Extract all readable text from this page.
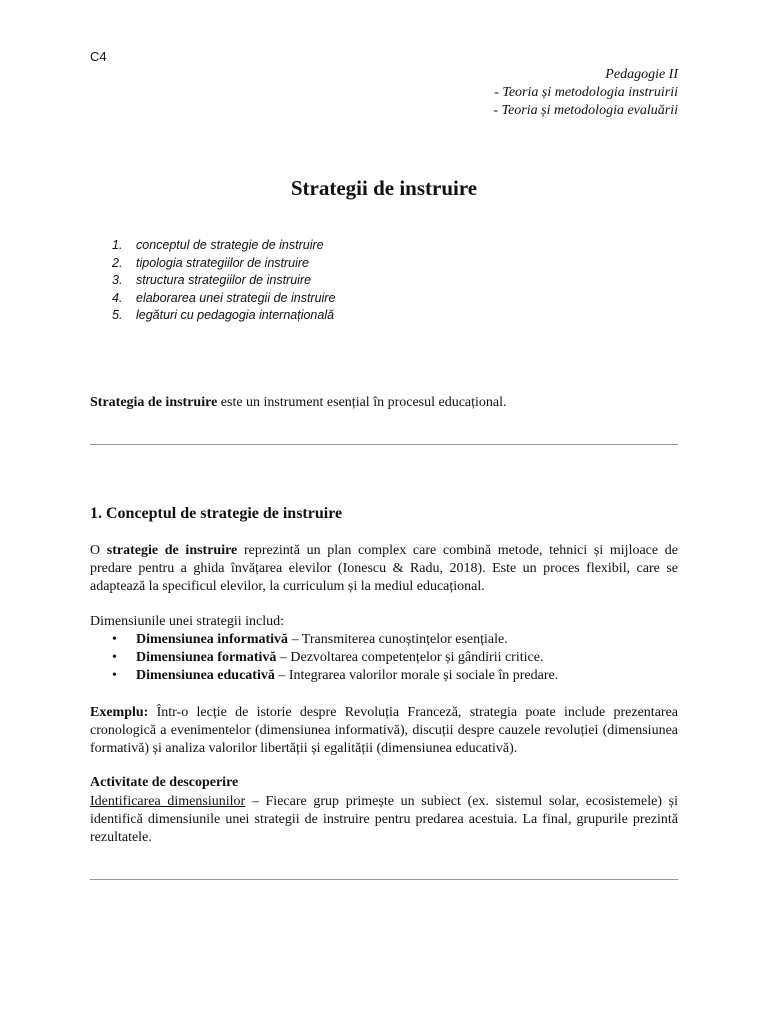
C4
Pedagogie II
- Teoria și metodologia instruirii
- Teoria și metodologia evaluării
Strategii de instruire
1.	conceptul de strategie de instruire
2.	tipologia strategiilor de instruire
3.	structura strategiilor de instruire
4.	elaborarea unei strategii de instruire
5.	legături cu pedagogia internațională
Strategia de instruire este un instrument esențial în procesul educațional.
1. Conceptul de strategie de instruire
O strategie de instruire reprezintă un plan complex care combină metode, tehnici și mijloace de predare pentru a ghida învățarea elevilor (Ionescu & Radu, 2018). Este un proces flexibil, care se adaptează la specificul elevilor, la curriculum și la mediul educațional.
Dimensiunile unei strategii includ:
•	Dimensiunea informativă – Transmiterea cunoștințelor esențiale.
•	Dimensiunea formativă – Dezvoltarea competențelor și gândirii critice.
•	Dimensiunea educativă – Integrarea valorilor morale și sociale în predare.
Exemplu: Într-o lecție de istorie despre Revoluția Franceză, strategia poate include prezentarea cronologică a evenimentelor (dimensiunea informativă), discuții despre cauzele revoluției (dimensiunea formativă) și analiza valorilor libertății și egalității (dimensiunea educativă).
Activitate de descoperire
Identificarea dimensiunilor – Fiecare grup primește un subiect (ex. sistemul solar, ecosistemele) și identifică dimensiunile unei strategii de instruire pentru predarea acestuia. La final, grupurile prezintă rezultatele.
